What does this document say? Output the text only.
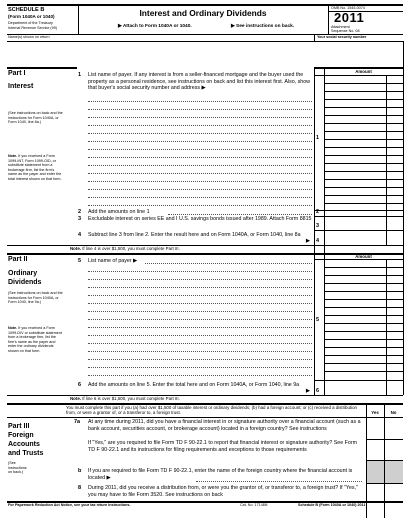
SCHEDULE B
(Form 1040A or 1040)
Department of the Treasury
Internal Revenue Service (99)
Interest and Ordinary Dividends
▶ Attach to Form 1040A or 1040.	▶ See instructions on back.
OMB No. 1545-0074
2011
Attachment
Sequence No. 08
Name(s) shown on return	Your social security number
Part I
Interest
(See instructions on back and the instructions for Form 1040A, or Form 1040, line 8a.)
Note. If you received a Form 1099-INT, Form 1099-OID, or substitute statement from a brokerage firm, list the firm's name as the payer and enter the total interest shown on that form.
1 List name of payer. If any interest is from a seller-financed mortgage and the buyer used the property as a personal residence, see instructions on back and list this interest first. Also, show that buyer's social security number and address ▶
Amount
1
2 Add the amounts on line 1	2
3 Excludable interest on series EE and I U.S. savings bonds issued after 1989. Attach Form 8815
3
4 Subtract line 3 from line 2. Enter the result here and on Form 1040A, or Form 1040, line 8a
▶ 4
Note. If line 4 is over $1,500, you must complete Part III.
Part II
Ordinary
Dividends
(See instructions on back and the instructions for Form 1040A, or Form 1040, line 9a.)
Note. If you received a Form 1099-DIV or substitute statement from a brokerage firm, list the firm's name as the payer and enter the ordinary dividends shown on that form.
5 List name of payer ▶
Amount
5
6 Add the amounts on line 5. Enter the total here and on Form 1040A, or Form 1040, line 9a
▶ 6
Note. If line 6 is over $1,500, you must complete Part III.
You must complete this part if you (a) had over $1,500 of taxable interest or ordinary dividends; (b) had a foreign account; or (c) received a distribution from, or were a grantor of, or a transferor to, a foreign trust.	Yes	No
Part III
Foreign
Accounts
and Trusts
(See instructions on back.)
7a At any time during 2011, did you have a financial interest in or signature authority over a financial account (such as a bank account, securities account, or brokerage account) located in a foreign country? See instructions
If "Yes," are you required to file Form TD F 90-22.1 to report that financial interest or signature authority? See Form TD F 90-22.1 and its instructions for filing requirements and exceptions to those requirements
b If you are required to file Form TD F 90-22.1, enter the name of the foreign country where the financial account is located ▶
8 During 2011, did you receive a distribution from, or were you the grantor of, or transferor to, a foreign trust? If "Yes," you may have to file Form 3520. See instructions on back
For Paperwork Reduction Act Notice, see your tax return instructions.	Cat. No. 17146N	Schedule B (Form 1040A or 1040) 2011
